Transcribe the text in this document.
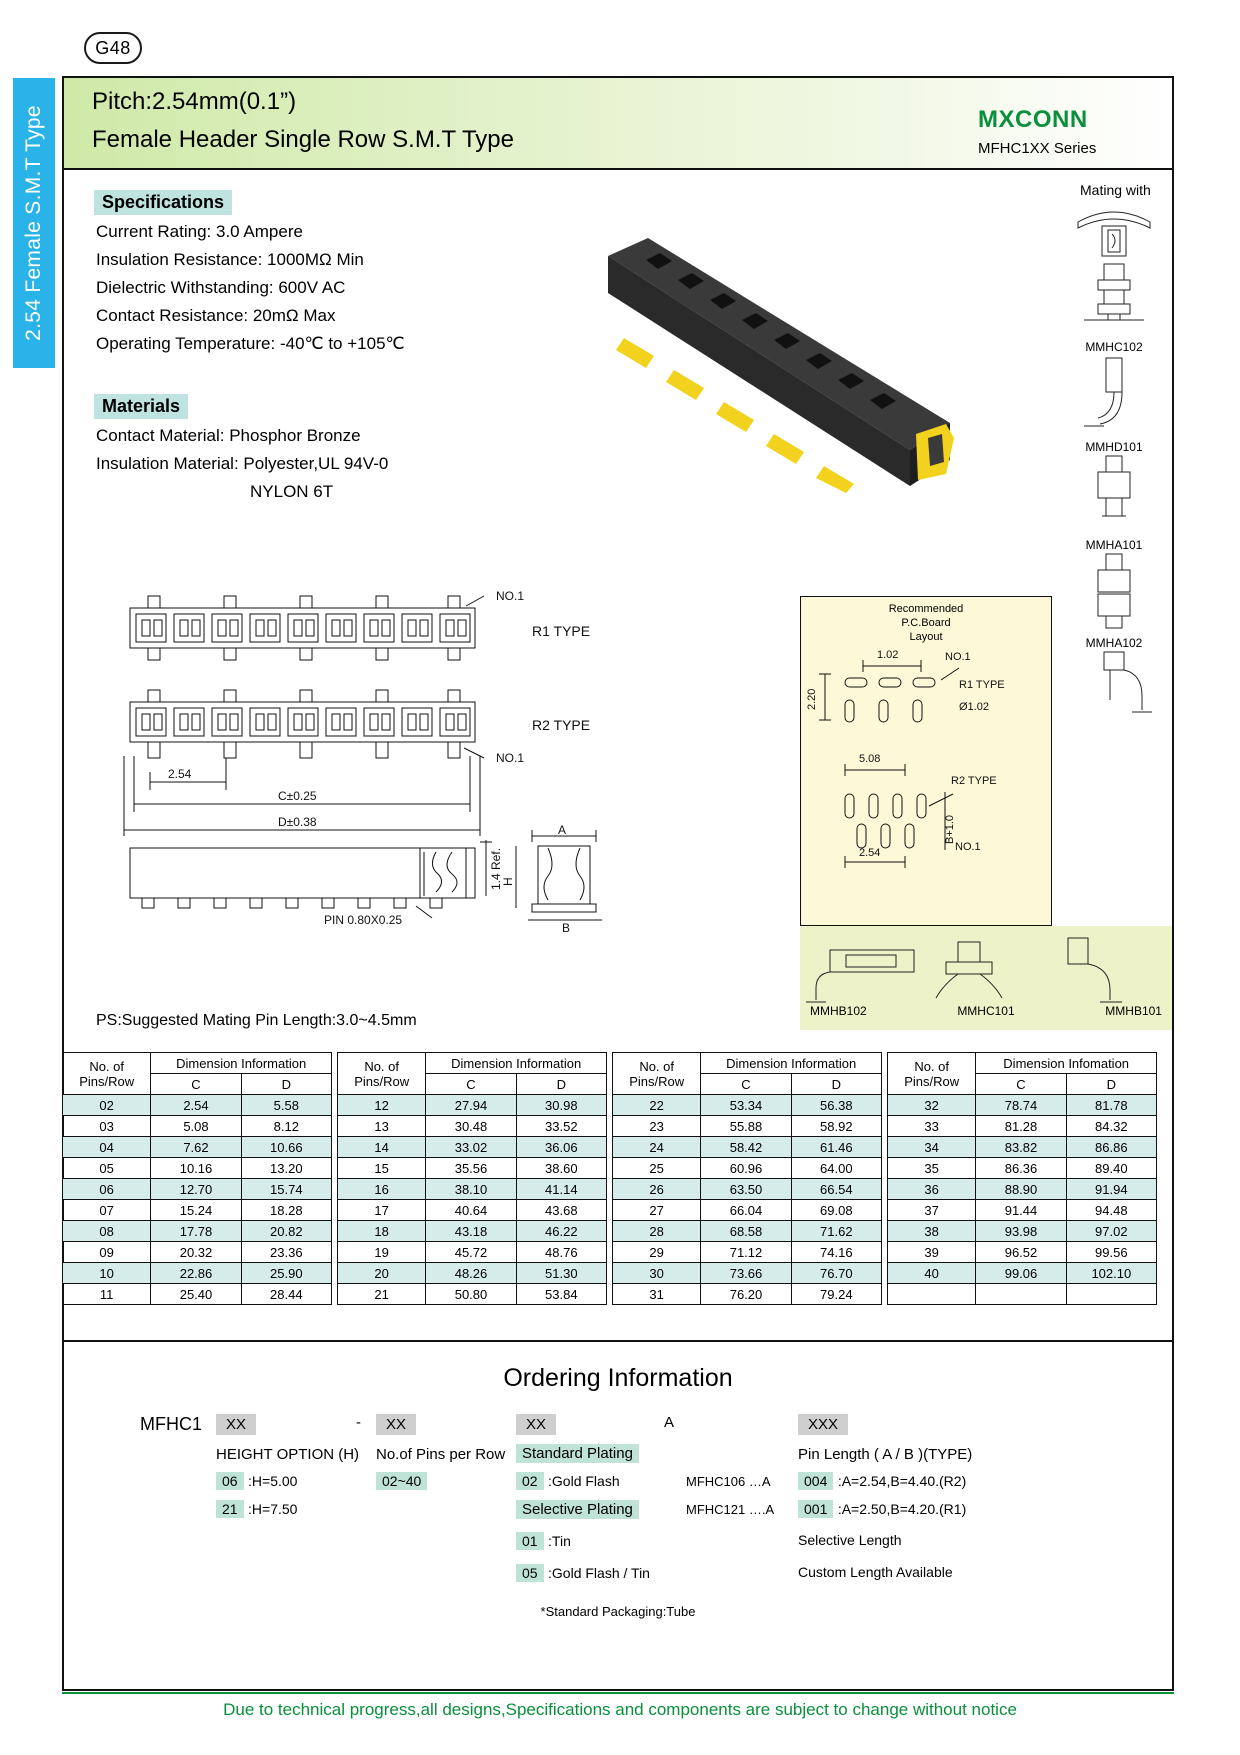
G48
2.54 Female S.M.T Type
Pitch:2.54mm(0.1”)
Female Header Single Row S.M.T Type
MXCONN
MFHC1XX Series
Specifications
Current Rating: 3.0 Ampere
Insulation Resistance: 1000MΩ Min
Dielectric Withstanding: 600V AC
Contact Resistance: 20mΩ Max
Operating Temperature: -40℃ to +105℃
Materials
Contact Material: Phosphor Bronze
Insulation Material: Polyester,UL 94V-0
NYLON 6T
Mating with
MMHC102
MMHD101
MMHA101
MMHA102
MMHB102	MMHC101	MMHB101
NO.1
NO.1
2.54
C±0.25
D±0.38
PIN 0.80X0.25
A
B
1.4 Ref.
H
R1 TYPE
R2 TYPE
PS:Suggested Mating Pin Length:3.0~4.5mm
Recommended
P.C.Board
Layout
1.02	NO.1
R1 TYPE
Ø1.02
5.08
R2 TYPE
2.54	NO.1
2.20
B+1.0
No. of Pins/Row	Dimension Information	
	C	D
02	2.54	5.58
03	5.08	8.12
04	7.62	10.66
05	10.16	13.20
06	12.70	15.74
07	15.24	18.28
08	17.78	20.82
09	20.32	23.36
10	22.86	25.90
11	25.40	28.44
No. of Pins/Row	Dimension Information	
	C	D
12	27.94	30.98
13	30.48	33.52
14	33.02	36.06
15	35.56	38.60
16	38.10	41.14
17	40.64	43.68
18	43.18	46.22
19	45.72	48.76
20	48.26	51.30
21	50.80	53.84
No. of Pins/Row	Dimension Information	
	C	D
22	53.34	56.38
23	55.88	58.92
24	58.42	61.46
25	60.96	64.00
26	63.50	66.54
27	66.04	69.08
28	68.58	71.62
29	71.12	74.16
30	73.66	76.70
31	76.20	79.24
No. of Pins/Row	Dimension Infomation	
	C	D
32	78.74	81.78
33	81.28	84.32
34	83.82	86.86
35	86.36	89.40
36	88.90	91.94
37	91.44	94.48
38	93.98	97.02
39	96.52	99.56
40	99.06	102.10

Ordering Information
MFHC1	XX	-	XX	XX	A	XXX
HEIGHT OPTION (H)
06 :H=5.00
21 :H=7.50
No.of Pins per Row
02~40
Standard Plating
02 :Gold Flash
Selective Plating
01 :Tin
05 :Gold Flash / Tin
MFHC106 …A
MFHC121 ….A
Pin Length ( A / B )(TYPE)
004 :A=2.54,B=4.40.(R2)
001 :A=2.50,B=4.20.(R1)
Selective Length
Custom Length Available
*Standard Packaging:Tube
Due to technical progress,all designs,Specifications and components are subject to change without notice
